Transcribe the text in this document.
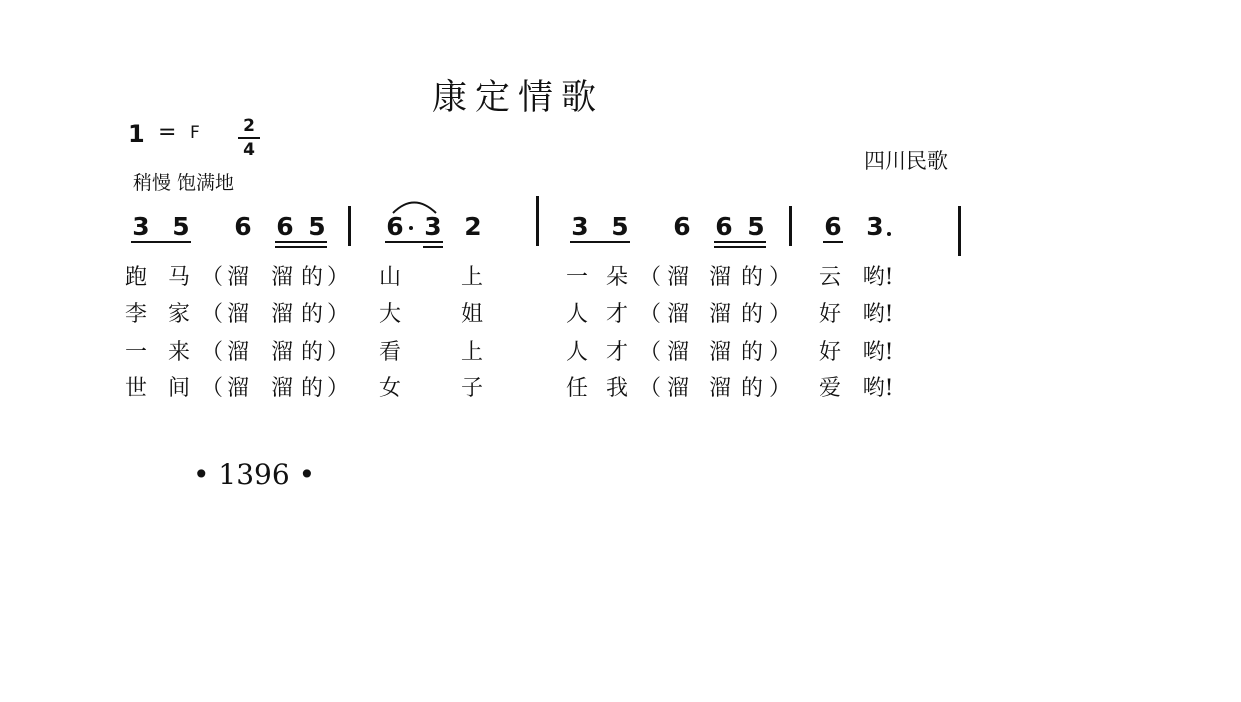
康定情歌
1 = F	2
4
稍慢 饱满地
四川民歌
3 5 6 6 5 6 3 2	3 5 6 6 5 6 3
跑 马 （ 溜 溜 的 ） 山	上	一 朵 （ 溜 溜 的 ） 云 哟!
李 家 （ 溜 溜 的 ） 大	姐	人 才 （ 溜 溜 的 ） 好 哟!
一 来 （ 溜 溜 的 ） 看	上	人 才 （ 溜 溜 的 ） 好 哟!
世 间 （ 溜 溜 的 ） 女	子	任 我 （ 溜 溜 的 ） 爱 哟!
• 1396 •
